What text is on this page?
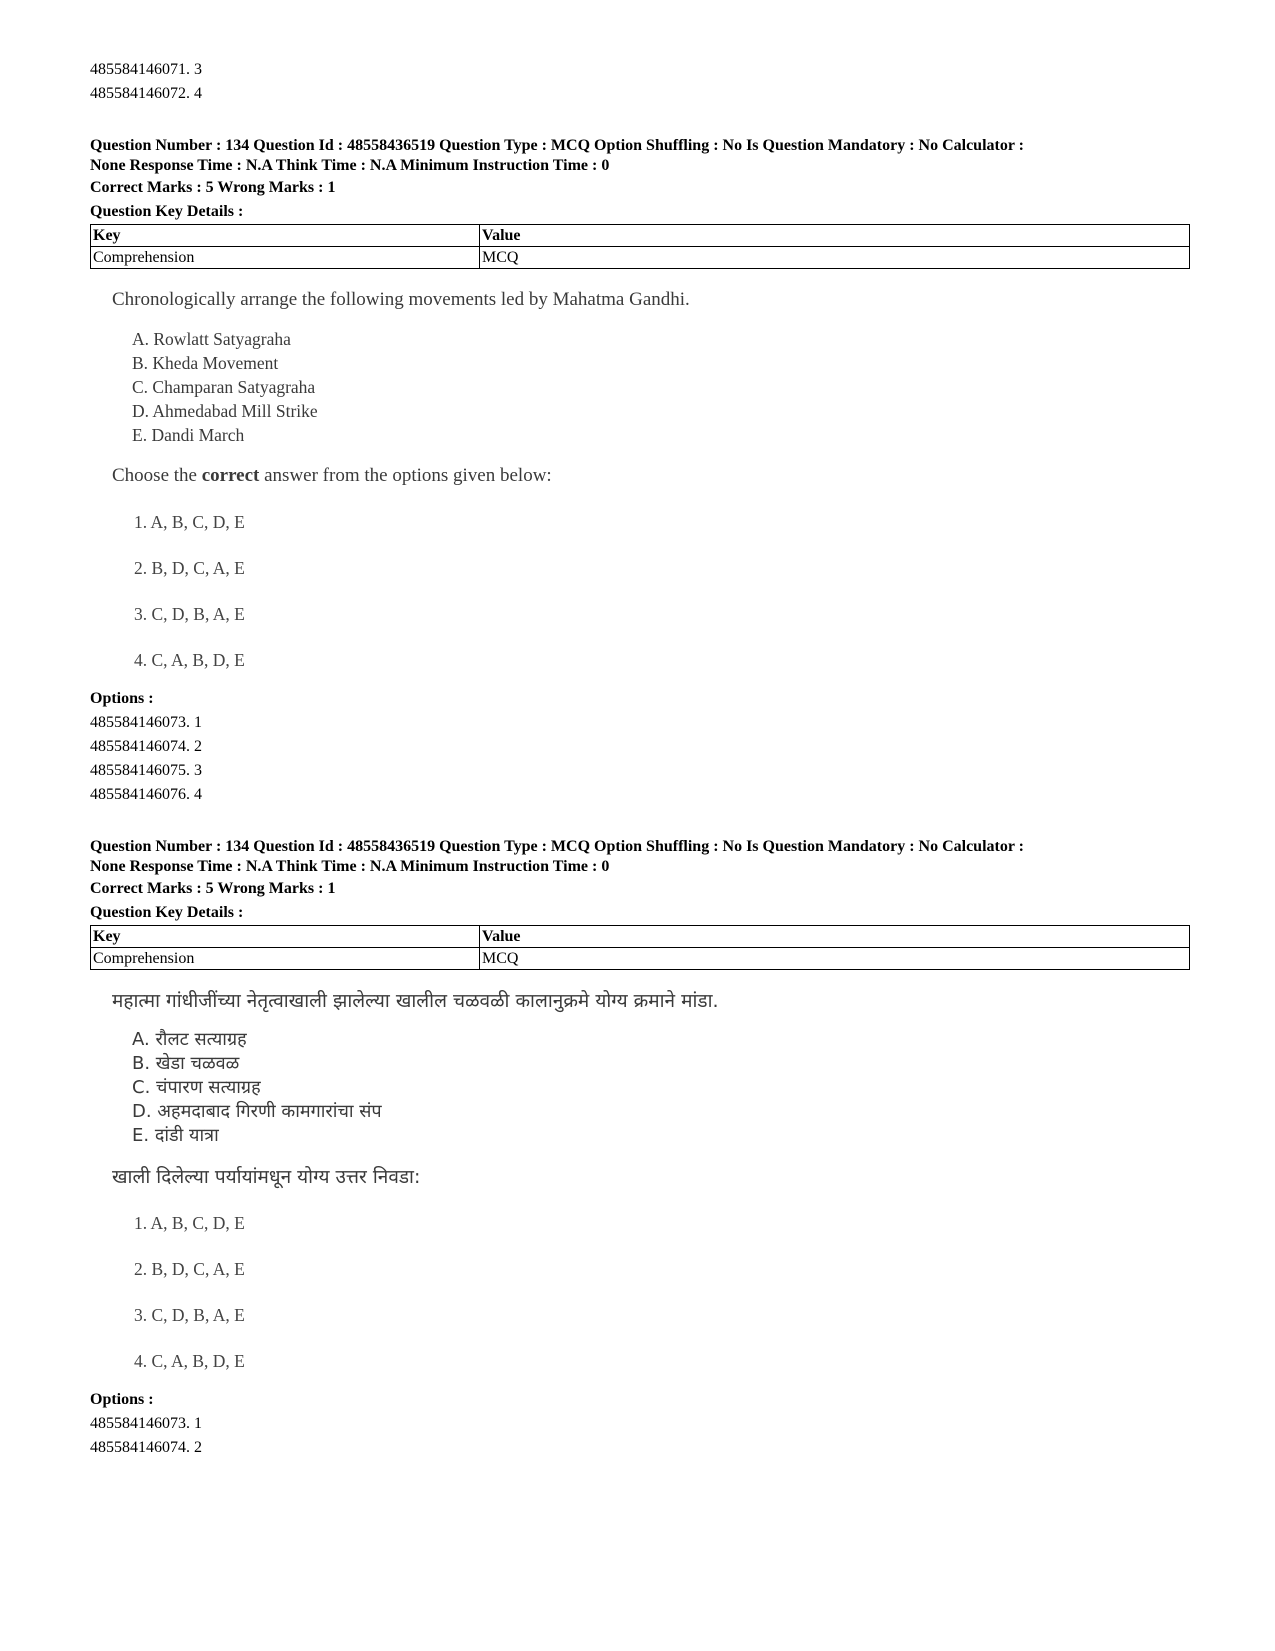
485584146071. 3
485584146072. 4
Question Number : 134 Question Id : 48558436519 Question Type : MCQ Option Shuffling : No Is Question Mandatory : No Calculator :
None Response Time : N.A Think Time : N.A Minimum Instruction Time : 0
Correct Marks : 5 Wrong Marks : 1
Question Key Details :
Key	Value
Comprehension	MCQ
Chronologically arrange the following movements led by Mahatma Gandhi.
A. Rowlatt Satyagraha
B. Kheda Movement
C. Champaran Satyagraha
D. Ahmedabad Mill Strike
E. Dandi March
Choose the correct answer from the options given below:
1. A, B, C, D, E
2. B, D, C, A, E
3. C, D, B, A, E
4. C, A, B, D, E
Options :
485584146073. 1
485584146074. 2
485584146075. 3
485584146076. 4
Question Number : 134 Question Id : 48558436519 Question Type : MCQ Option Shuffling : No Is Question Mandatory : No Calculator :
None Response Time : N.A Think Time : N.A Minimum Instruction Time : 0
Correct Marks : 5 Wrong Marks : 1
Question Key Details :
Key	Value
Comprehension	MCQ
महात्मा गांधीजींच्या नेतृत्वाखाली झालेल्या खालील चळवळी कालानुक्रमे योग्य क्रमाने मांडा.
A. रौलट सत्याग्रह
B. खेडा चळवळ
C. चंपारण सत्याग्रह
D. अहमदाबाद गिरणी कामगारांचा संप
E. दांडी यात्रा
खाली दिलेल्या पर्यायांमधून योग्य उत्तर निवडा:
1. A, B, C, D, E
2. B, D, C, A, E
3. C, D, B, A, E
4. C, A, B, D, E
Options :
485584146073. 1
485584146074. 2
